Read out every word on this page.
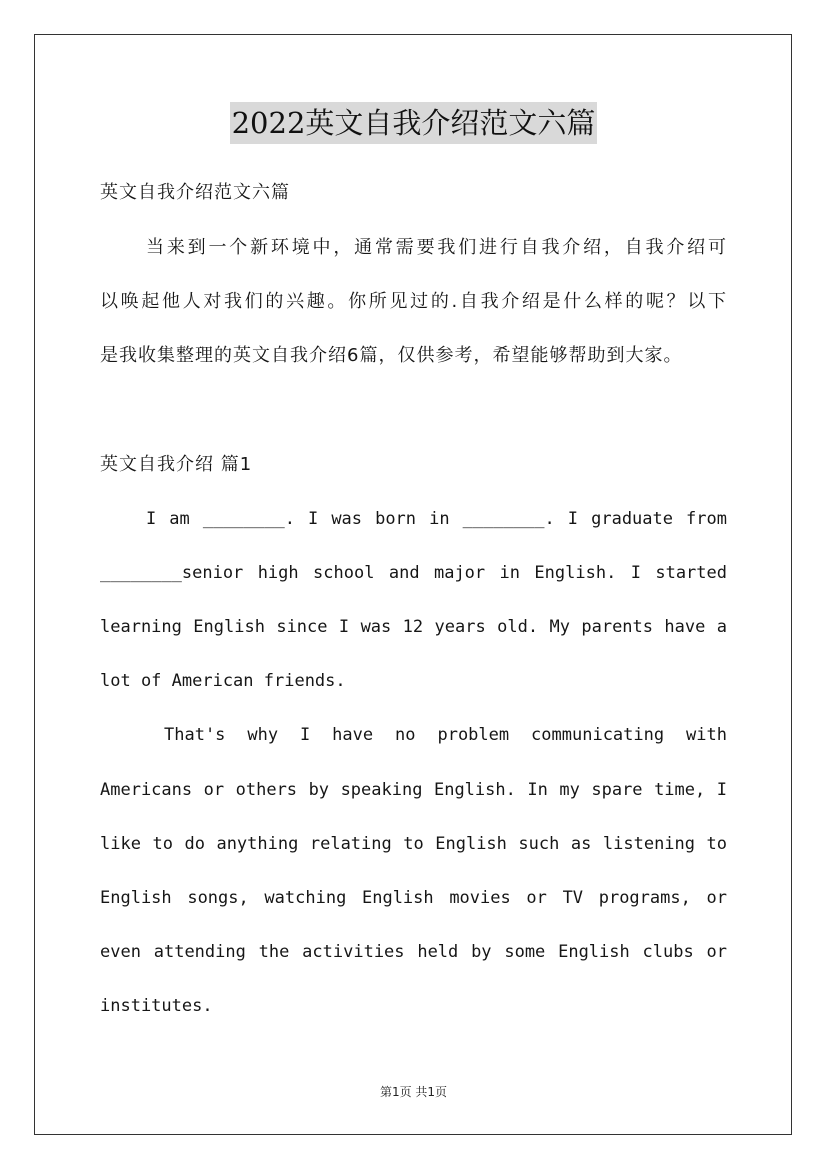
2022英文自我介绍范文六篇
英文自我介绍范文六篇
当来到一个新环境中，通常需要我们进行自我介绍，自我介绍可
以唤起他人对我们的兴趣。你所见过的.自我介绍是什么样的呢？以下
是我收集整理的英文自我介绍6篇，仅供参考，希望能够帮助到大家。
英文自我介绍 篇1
I am ________. I was born in ________. I graduate from
________senior high school and major in English. I started
learning English since I was 12 years old. My parents have a
lot of American friends.
That's why I have no problem communicating with
Americans or others by speaking English. In my spare time, I
like to do anything relating to English such as listening to
English songs, watching English movies or TV programs, or
even attending the activities held by some English clubs or
institutes.
第1页 共1页
